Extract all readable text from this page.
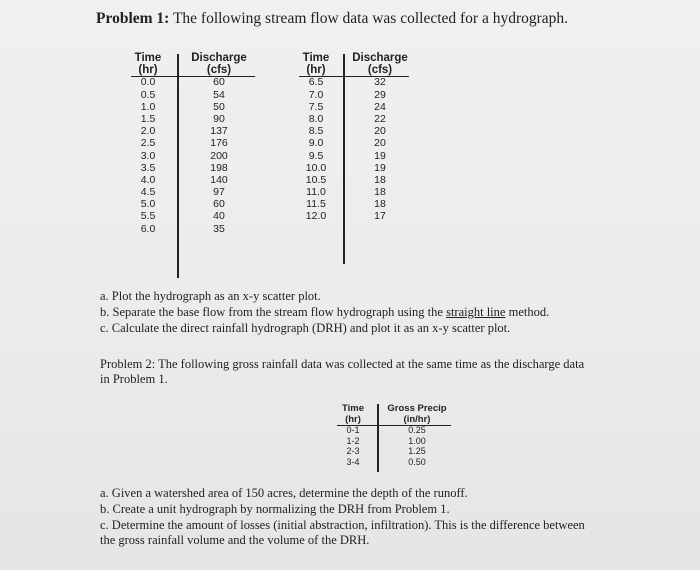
Problem 1: The following stream flow data was collected for a hydrograph.
Time
(hr)
0.0
0.5
1.0
1.5
2.0
2.5
3.0
3.5
4.0
4.5
5.0
5.5
6.0
Discharge
(cfs)
60
54
50
90
137
176
200
198
140
97
60
40
35
Time
(hr)
6.5
7.0
7.5
8.0
8.5
9.0
9.5
10.0
10.5
11.0
11.5
12.0
Discharge
(cfs)
32
29
24
22
20
20
19
19
18
18
18
17

a. Plot the hydrograph as an x-y scatter plot.

b. Separate the base flow from the stream flow hydrograph using the straight line method.

c. Calculate the direct rainfall hydrograph (DRH) and plot it as an x-y scatter plot.

Problem 2: The following gross rainfall data was collected at the same time as the discharge data

in Problem 1.

Time
(hr)
0-1
1-2
2-3
3-4
Gross Precip
(in/hr)
0.25
1.00
1.25
0.50

a. Given a watershed area of 150 acres, determine the depth of the runoff.

b. Create a unit hydrograph by normalizing the DRH from Problem 1.

c. Determine the amount of losses (initial abstraction, infiltration). This is the difference between

the gross rainfall volume and the volume of the DRH.
